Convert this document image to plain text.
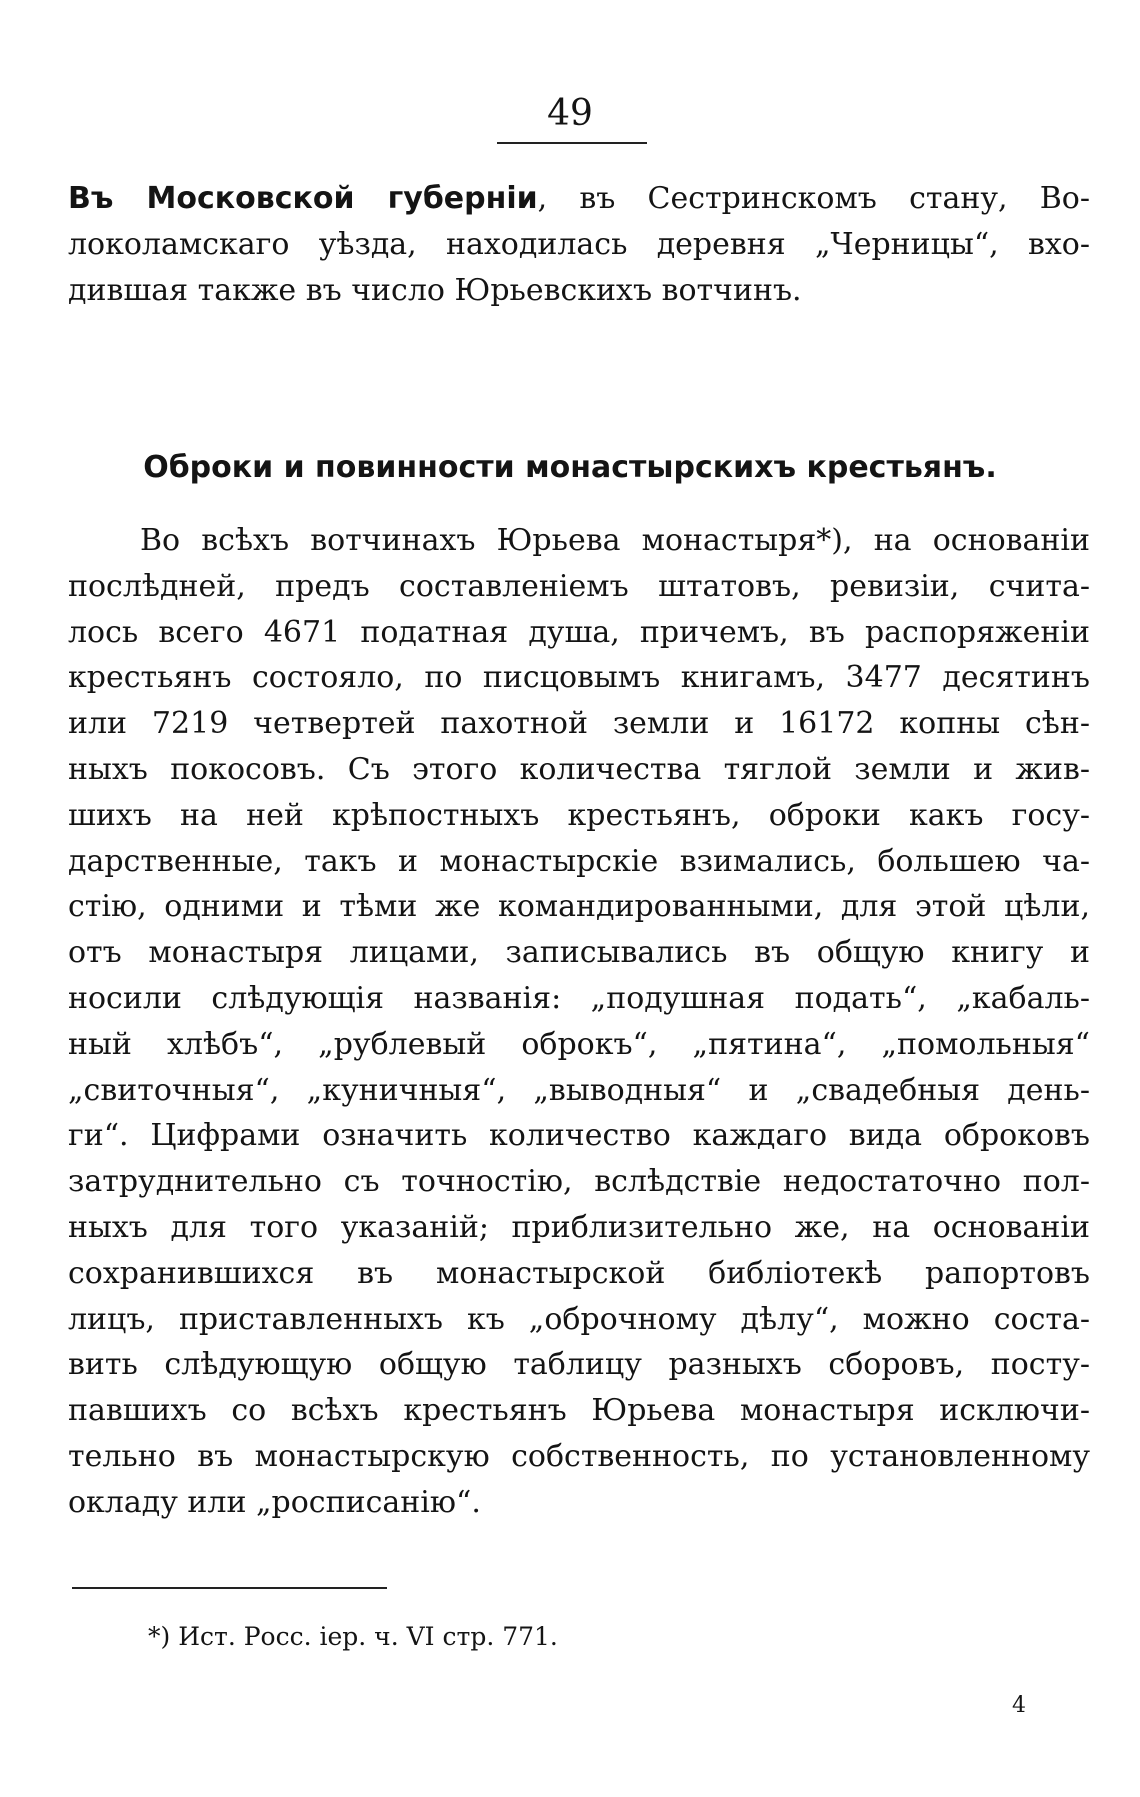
49
Въ Московской губерніи, въ Сестринскомъ стану, Во-
локоламскаго уѣзда, находилась деревня „Черницы“, вхо-
дившая также въ число Юрьевскихъ вотчинъ.
Оброки и повинности монастырскихъ крестьянъ.
Во всѣхъ вотчинахъ Юрьева монастыря*), на основаніи
послѣдней, предъ составленіемъ штатовъ, ревизіи, счита-
лось всего 4671 податная душа, причемъ, въ распоряженіи
крестьянъ состояло, по писцовымъ книгамъ, 3477 десятинъ
или 7219 четвертей пахотной земли и 16172 копны сѣн-
ныхъ покосовъ. Съ этого количества тяглой земли и жив-
шихъ на ней крѣпостныхъ крестьянъ, оброки какъ госу-
дарственные, такъ и монастырскіе взимались, большею ча-
стію, одними и тѣми же командированными, для этой цѣли,
отъ монастыря лицами, записывались въ общую книгу и
носили слѣдующія названія: „подушная подать“, „кабаль-
ный хлѣбъ“, „рублевый оброкъ“, „пятина“, „помольныя“
„свиточныя“, „куничныя“, „выводныя“ и „свадебныя день-
ги“. Цифрами означить количество каждаго вида оброковъ
затруднительно съ точностію, вслѣдствіе недостаточно пол-
ныхъ для того указаній; приблизительно же, на основаніи
сохранившихся въ монастырской библіотекѣ рапортовъ
лицъ, приставленныхъ къ „оброчному дѣлу“, можно соста-
вить слѣдующую общую таблицу разныхъ сборовъ, посту-
павшихъ со всѣхъ крестьянъ Юрьева монастыря исключи-
тельно въ монастырскую собственность, по установленному
окладу или „росписанію“.
*) Ист. Росс. іер. ч. VI стр. 771.
4
